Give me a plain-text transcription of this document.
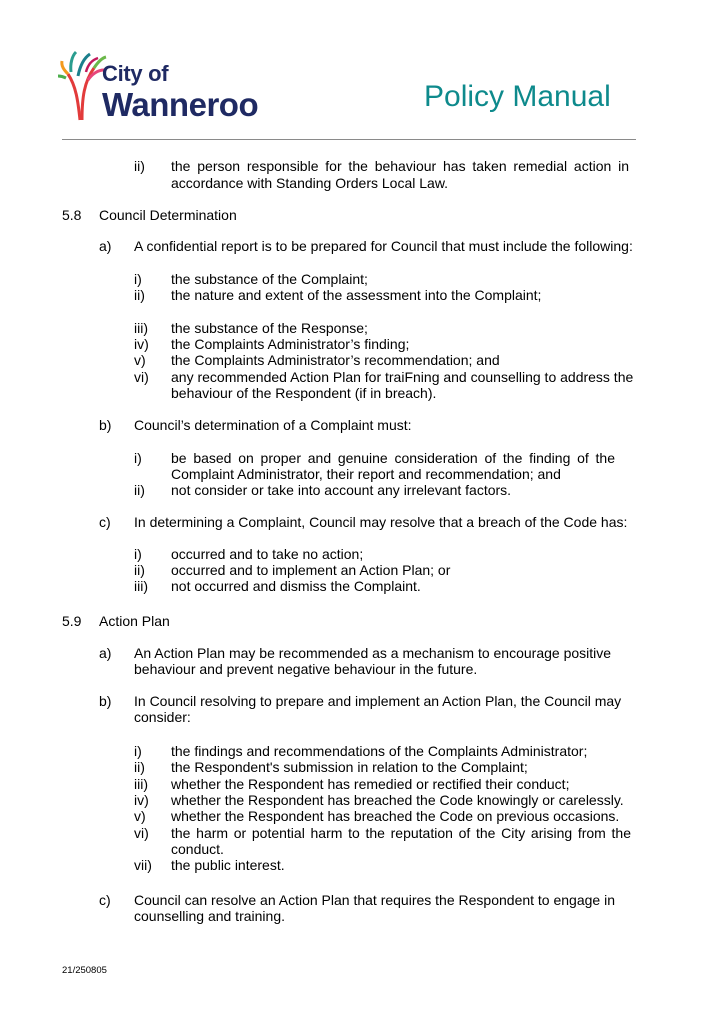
City of
Wanneroo	Policy Manual
ii) the person responsible for the behaviour has taken remedial action in
accordance with Standing Orders Local Law.
5.8 Council Determination
a) A confidential report is to be prepared for Council that must include the following:
i) the substance of the Complaint;
ii) the nature and extent of the assessment into the Complaint;
iii) the substance of the Response;
iv) the Complaints Administrator’s finding;
v) the Complaints Administrator’s recommendation; and
vi) any recommended Action Plan for traiFning and counselling to address the
behaviour of the Respondent (if in breach).
b) Council’s determination of a Complaint must:
i) be based on proper and genuine consideration of the finding of the
Complaint Administrator, their report and recommendation; and
ii) not consider or take into account any irrelevant factors.
c) In determining a Complaint, Council may resolve that a breach of the Code has:
i) occurred and to take no action;
ii) occurred and to implement an Action Plan; or
iii) not occurred and dismiss the Complaint.
5.9 Action Plan
a) An Action Plan may be recommended as a mechanism to encourage positive
behaviour and prevent negative behaviour in the future.
b) In Council resolving to prepare and implement an Action Plan, the Council may
consider:
i) the findings and recommendations of the Complaints Administrator;
ii) the Respondent's submission in relation to the Complaint;
iii) whether the Respondent has remedied or rectified their conduct;
iv) whether the Respondent has breached the Code knowingly or carelessly.
v) whether the Respondent has breached the Code on previous occasions.
vi) the harm or potential harm to the reputation of the City arising from the
conduct.
vii) the public interest.
c) Council can resolve an Action Plan that requires the Respondent to engage in
counselling and training.
21/250805
